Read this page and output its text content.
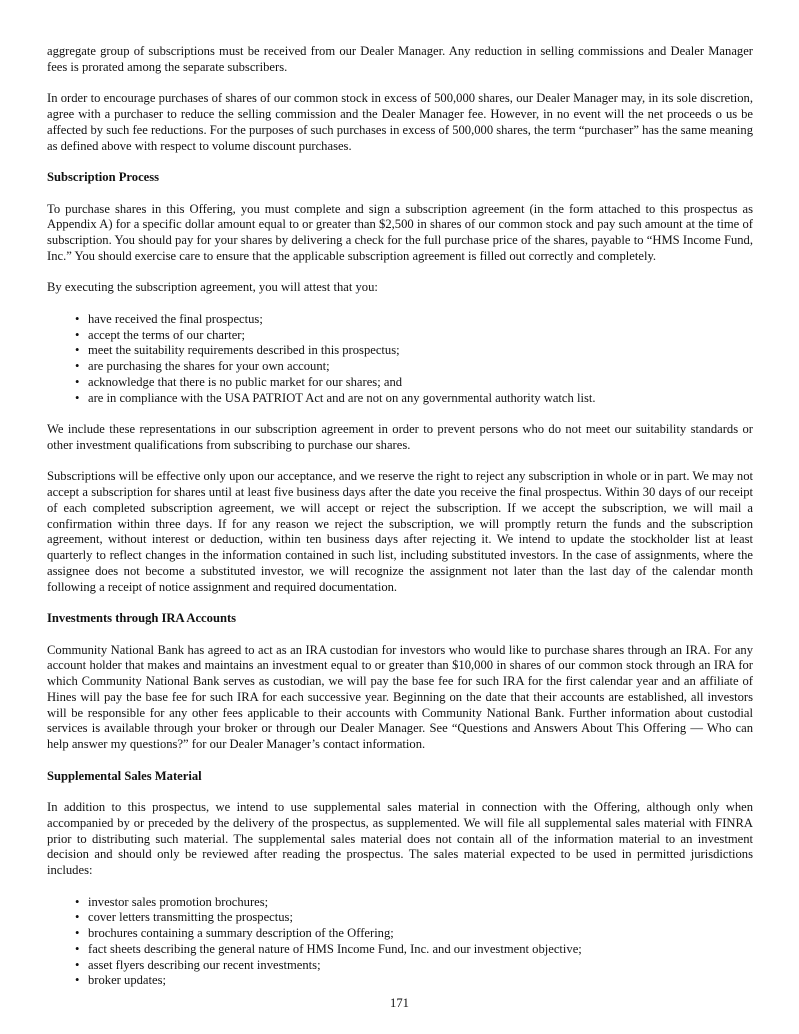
aggregate group of subscriptions must be received from our Dealer Manager. Any reduction in selling commissions and Dealer Manager fees is prorated among the separate subscribers.

In order to encourage purchases of shares of our common stock in excess of 500,000 shares, our Dealer Manager may, in its sole discretion, agree with a purchaser to reduce the selling commission and the Dealer Manager fee. However, in no event will the net proceeds o us be affected by such fee reductions. For the purposes of such purchases in excess of 500,000 shares, the term “purchaser” has the same meaning as defined above with respect to volume discount purchases.

Subscription Process

To purchase shares in this Offering, you must complete and sign a subscription agreement (in the form attached to this prospectus as Appendix A) for a specific dollar amount equal to or greater than $2,500 in shares of our common stock and pay such amount at the time of subscription. You should pay for your shares by delivering a check for the full purchase price of the shares, payable to “HMS Income Fund, Inc.” You should exercise care to ensure that the applicable subscription agreement is filled out correctly and completely.

By executing the subscription agreement, you will attest that you:

• have received the final prospectus;
• accept the terms of our charter;
• meet the suitability requirements described in this prospectus;
• are purchasing the shares for your own account;
• acknowledge that there is no public market for our shares; and
• are in compliance with the USA PATRIOT Act and are not on any governmental authority watch list.

We include these representations in our subscription agreement in order to prevent persons who do not meet our suitability standards or other investment qualifications from subscribing to purchase our shares.

Subscriptions will be effective only upon our acceptance, and we reserve the right to reject any subscription in whole or in part. We may not accept a subscription for shares until at least five business days after the date you receive the final prospectus. Within 30 days of our receipt of each completed subscription agreement, we will accept or reject the subscription. If we accept the subscription, we will mail a confirmation within three days. If for any reason we reject the subscription, we will promptly return the funds and the subscription agreement, without interest or deduction, within ten business days after rejecting it. We intend to update the stockholder list at least quarterly to reflect changes in the information contained in such list, including substituted investors. In the case of assignments, where the assignee does not become a substituted investor, we will recognize the assignment not later than the last day of the calendar month following a receipt of notice assignment and required documentation.

Investments through IRA Accounts

Community National Bank has agreed to act as an IRA custodian for investors who would like to purchase shares through an IRA. For any account holder that makes and maintains an investment equal to or greater than $10,000 in shares of our common stock through an IRA for which Community National Bank serves as custodian, we will pay the base fee for such IRA for the first calendar year and an affiliate of Hines will pay the base fee for such IRA for each successive year. Beginning on the date that their accounts are established, all investors will be responsible for any other fees applicable to their accounts with Community National Bank. Further information about custodial services is available through your broker or through our Dealer Manager. See “Questions and Answers About This Offering — Who can help answer my questions?” for our Dealer Manager’s contact information.

Supplemental Sales Material

In addition to this prospectus, we intend to use supplemental sales material in connection with the Offering, although only when accompanied by or preceded by the delivery of the prospectus, as supplemented. We will file all supplemental sales material with FINRA prior to distributing such material. The supplemental sales material does not contain all of the information material to an investment decision and should only be reviewed after reading the prospectus. The sales material expected to be used in permitted jurisdictions includes:

• investor sales promotion brochures;
• cover letters transmitting the prospectus;
• brochures containing a summary description of the Offering;
• fact sheets describing the general nature of HMS Income Fund, Inc. and our investment objective;
• asset flyers describing our recent investments;
• broker updates;
171
